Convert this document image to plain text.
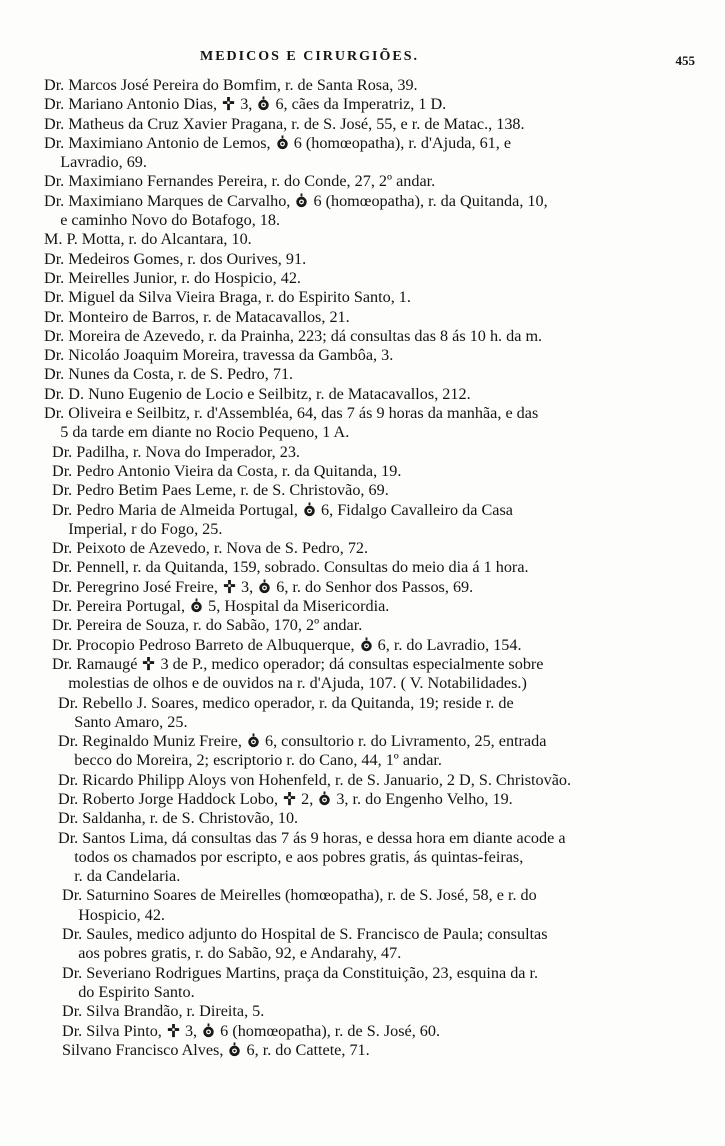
MEDICOS E CIRURGIÕES.	455
Dr. Marcos José Pereira do Bomfim, r. de Santa Rosa, 39.
Dr. Mariano Antonio Dias,  3,  6, cães da Imperatriz, 1 D.
Dr. Matheus da Cruz Xavier Pragana, r. de S. José, 55, e r. de Matac., 138.
Dr. Maximiano Antonio de Lemos,  6 (homœopatha), r. d'Ajuda, 61, e
Lavradio, 69.
Dr. Maximiano Fernandes Pereira, r. do Conde, 27, 2º andar.
Dr. Maximiano Marques de Carvalho,  6 (homœopatha), r. da Quitanda, 10,
e caminho Novo do Botafogo, 18.
M. P. Motta, r. do Alcantara, 10.
Dr. Medeiros Gomes, r. dos Ourives, 91.
Dr. Meirelles Junior, r. do Hospicio, 42.
Dr. Miguel da Silva Vieira Braga, r. do Espirito Santo, 1.
Dr. Monteiro de Barros, r. de Matacavallos, 21.
Dr. Moreira de Azevedo, r. da Prainha, 223; dá consultas das 8 ás 10 h. da m.
Dr. Nicoláo Joaquim Moreira, travessa da Gambôa, 3.
Dr. Nunes da Costa, r. de S. Pedro, 71.
Dr. D. Nuno Eugenio de Locio e Seilbitz, r. de Matacavallos, 212.
Dr. Oliveira e Seilbitz, r. d'Assembléa, 64, das 7 ás 9 horas da manhãa, e das
5 da tarde em diante no Rocio Pequeno, 1 A.
Dr. Padilha, r. Nova do Imperador, 23.
Dr. Pedro Antonio Vieira da Costa, r. da Quitanda, 19.
Dr. Pedro Betim Paes Leme, r. de S. Christovão, 69.
Dr. Pedro Maria de Almeida Portugal,  6, Fidalgo Cavalleiro da Casa
Imperial, r do Fogo, 25.
Dr. Peixoto de Azevedo, r. Nova de S. Pedro, 72.
Dr. Pennell, r. da Quitanda, 159, sobrado. Consultas do meio dia á 1 hora.
Dr. Peregrino José Freire,  3,  6, r. do Senhor dos Passos, 69.
Dr. Pereira Portugal,  5, Hospital da Misericordia.
Dr. Pereira de Souza, r. do Sabão, 170, 2º andar.
Dr. Procopio Pedroso Barreto de Albuquerque,  6, r. do Lavradio, 154.
Dr. Ramaugé  3 de P., medico operador; dá consultas especialmente sobre
molestias de olhos e de ouvidos na r. d'Ajuda, 107. ( V. Notabilidades.)
Dr. Rebello J. Soares, medico operador, r. da Quitanda, 19; reside r. de
Santo Amaro, 25.
Dr. Reginaldo Muniz Freire,  6, consultorio r. do Livramento, 25, entrada
becco do Moreira, 2; escriptorio r. do Cano, 44, 1º andar.
Dr. Ricardo Philipp Aloys von Hohenfeld, r. de S. Januario, 2 D, S. Christovão.
Dr. Roberto Jorge Haddock Lobo,  2,  3, r. do Engenho Velho, 19.
Dr. Saldanha, r. de S. Christovão, 10.
Dr. Santos Lima, dá consultas das 7 ás 9 horas, e dessa hora em diante acode a
todos os chamados por escripto, e aos pobres gratis, ás quintas-feiras,
r. da Candelaria.
Dr. Saturnino Soares de Meirelles (homœopatha), r. de S. José, 58, e r. do
Hospicio, 42.
Dr. Saules, medico adjunto do Hospital de S. Francisco de Paula; consultas
aos pobres gratis, r. do Sabão, 92, e Andarahy, 47.
Dr. Severiano Rodrigues Martins, praça da Constituição, 23, esquina da r.
do Espirito Santo.
Dr. Silva Brandão, r. Direita, 5.
Dr. Silva Pinto,  3,  6 (homœopatha), r. de S. José, 60.
Silvano Francisco Alves,  6, r. do Cattete, 71.
